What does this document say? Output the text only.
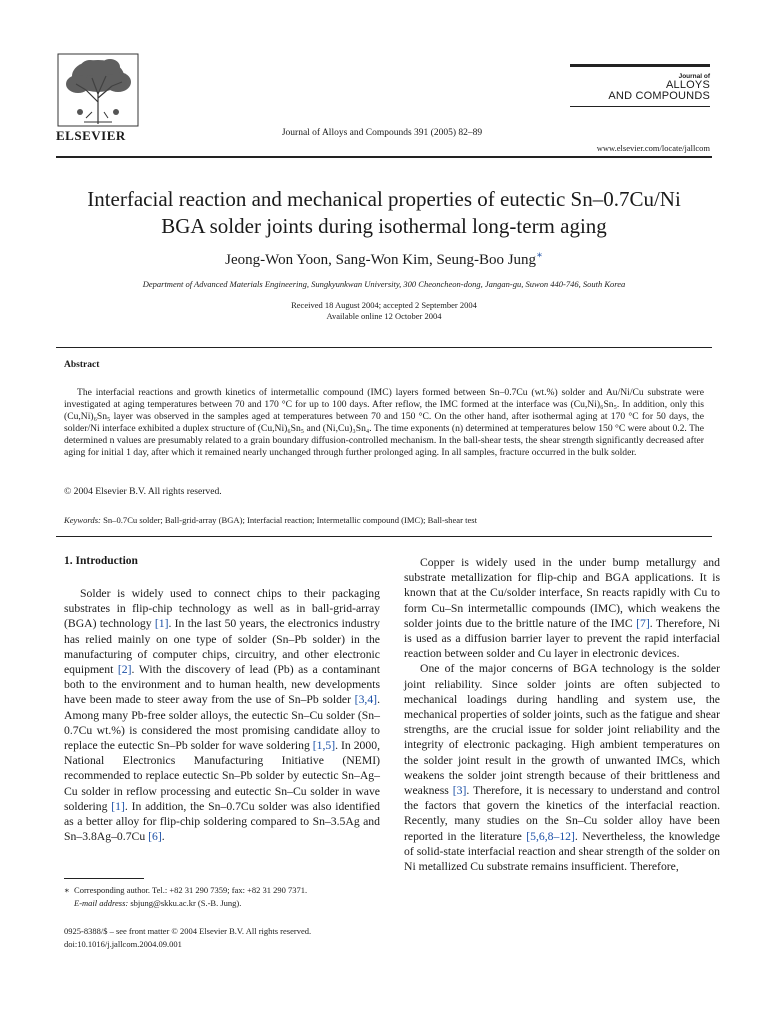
ELSEVIER	Journal of Alloys and Compounds 391 (2005) 82–89
Journal of
ALLOYS
AND COMPOUNDS
www.elsevier.com/locate/jallcom
Interfacial reaction and mechanical properties of eutectic Sn–0.7Cu/Ni
BGA solder joints during isothermal long-term aging
Jeong-Won Yoon, Sang-Won Kim, Seung-Boo Jung∗
Department of Advanced Materials Engineering, Sungkyunkwan University, 300 Cheoncheon-dong, Jangan-gu, Suwon 440-746, South Korea
Received 18 August 2004; accepted 2 September 2004
Available online 12 October 2004
Abstract

The interfacial reactions and growth kinetics of intermetallic compound (IMC) layers formed between Sn–0.7Cu (wt.%) solder and Au/Ni/Cu substrate were investigated at aging temperatures between 70 and 170 °C for up to 100 days. After reflow, the IMC formed at the interface was (Cu,Ni)₆Sn₅. In addition, only this (Cu,Ni)₆Sn₅ layer was observed in the samples aged at temperatures between 70 and 150 °C. On the other hand, after isothermal aging at 170 °C for 50 days, the solder/Ni interface exhibited a duplex structure of (Cu,Ni)₆Sn₅ and (Ni,Cu)₃Sn₄. The time exponents (n) determined at temperatures below 150 °C were about 0.2. The determined n values are presumably related to a grain boundary diffusion-controlled mechanism. In the ball-shear tests, the shear strength significantly decreased after aging for initial 1 day, after which it remained nearly unchanged through further prolonged aging. In all samples, fracture occurred in the bulk solder.

© 2004 Elsevier B.V. All rights reserved.
Keywords: Sn–0.7Cu solder; Ball-grid-array (BGA); Interfacial reaction; Intermetallic compound (IMC); Ball-shear test
1. Introduction

Solder is widely used to connect chips to their packaging substrates in flip-chip technology as well as in ball-grid-array (BGA) technology [1]. In the last 50 years, the electronics industry has relied mainly on one type of solder (Sn–Pb solder) in the manufacturing of computer chips, circuitry, and other electronic equipment [2]. With the discovery of lead (Pb) as a contaminant both to the environment and to human health, new developments have been made to steer away from the use of Sn–Pb solder [3,4]. Among many Pb-free solder alloys, the eutectic Sn–Cu solder (Sn–0.7Cu wt.%) is considered the most promising candidate alloy to replace the eutectic Sn–Pb solder for wave soldering [1,5]. In 2000, National Electronics Manufacturing Initiative (NEMI) recommended to replace eutectic Sn–Pb solder by eutectic Sn–Ag–Cu solder in reflow processing and eutectic Sn–Cu solder in wave soldering [1]. In addition, the Sn–0.7Cu solder was also identified as a better alloy for flip-chip soldering compared to Sn–3.5Ag and Sn–3.8Ag–0.7Cu [6].

Copper is widely used in the under bump metallurgy and substrate metallization for flip-chip and BGA applications. It is known that at the Cu/solder interface, Sn reacts rapidly with Cu to form Cu–Sn intermetallic compounds (IMC), which weakens the solder joints due to the brittle nature of the IMC [7]. Therefore, Ni is used as a diffusion barrier layer to prevent the rapid interfacial reaction between solder and Cu layer in electronic devices.

One of the major concerns of BGA technology is the solder joint reliability. Since solder joints are often subjected to mechanical loadings during handling and system use, the mechanical properties of solder joints, such as the fatigue and shear strengths, are the crucial issue for solder joint reliability and the integrity of electronic packaging. High ambient temperatures on the solder joint result in the growth of unwanted IMCs, which weakens the solder joint strength because of their brittleness and weakness [3]. Therefore, it is necessary to understand and control the factors that govern the kinetics of the interfacial reaction. Recently, many studies on the Sn–Cu solder alloy have been reported in the literature [5,6,8–12]. Nevertheless, the knowledge of solid-state interfacial reaction and shear strength of the solder on Ni metallized Cu substrate remains insufficient. Therefore,

∗ Corresponding author. Tel.: +82 31 290 7359; fax: +82 31 290 7371.
E-mail address: sbjung@skku.ac.kr (S.-B. Jung).
0925-8388/$ – see front matter © 2004 Elsevier B.V. All rights reserved.
doi:10.1016/j.jallcom.2004.09.001
